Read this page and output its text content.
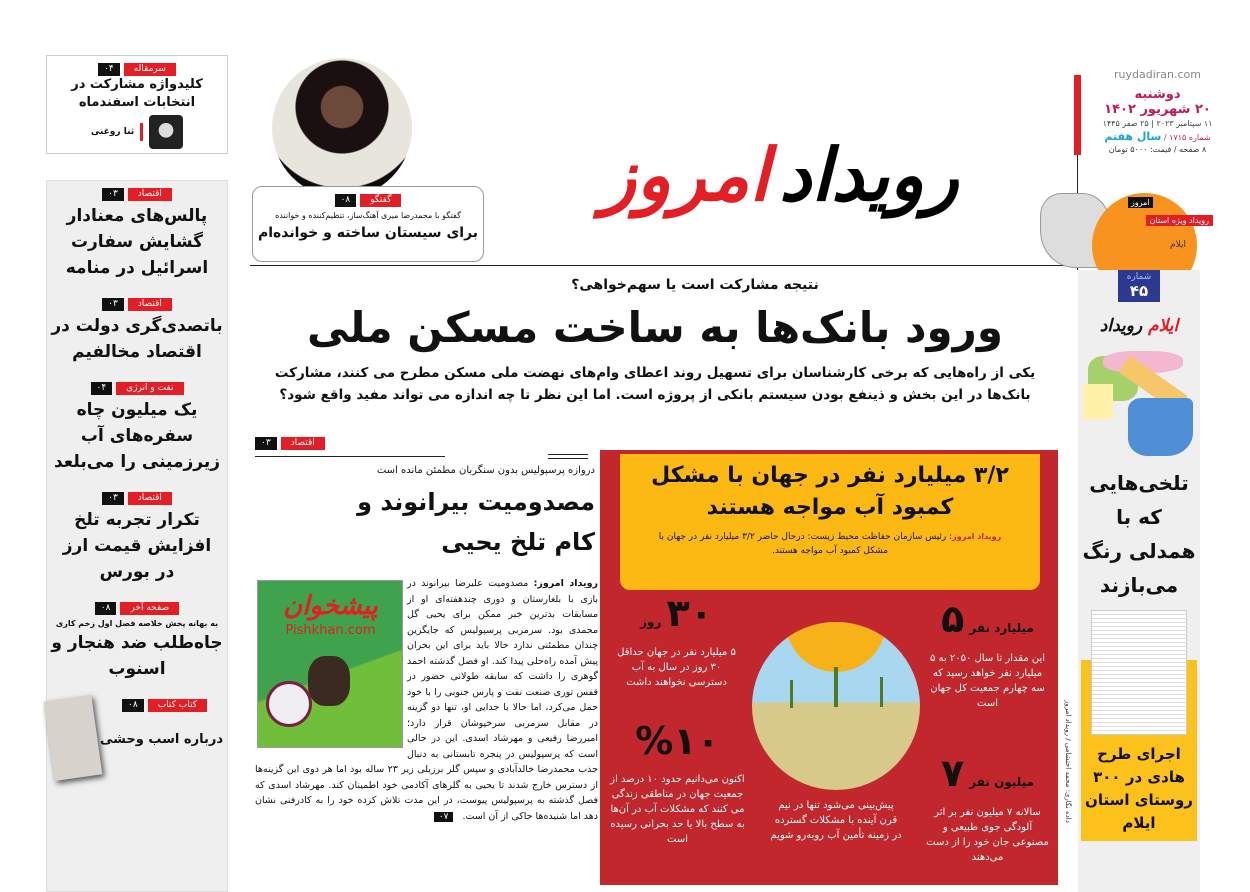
رویداد
امروز
ruydadiran.com
دوشنبه
۲۰ شهریور ۱۴۰۲
۱۱ سپتامبر ۲۰۲۳ | ۲۵ صفر ۱۴۴۵
شماره ۱۷۱۵ / سال هفتم
۸ صفحه / قیمت: ۵۰۰۰ تومان
امروز
رویداد ویژه استان
ایلام
گفتگو
۰۸
گفتگو با محمدرضا میری آهنگ‌ساز، تنظیم‌کننده و خواننده
برای سیستان ساخته و خوانده‌ام
سرمقاله
۰۴
کلیدواژه مشارکت در انتخابات اسفندماه
ثنا روغنی
اقتصاد
۰۳
پالس‌های معنادار گشایش سفارت اسرائیل در منامه
اقتصاد
۰۳
باتصدی‌گری دولت در اقتصاد مخالفیم
نفت و انرژی
۰۴
یک میلیون چاه سفره‌های آب زیرزمینی را می‌بلعد
اقتصاد
۰۳
تکرار تجربه تلخ افزایش قیمت ارز در بورس
صفحه آخر
۰۸
به بهانه پخش خلاصه فصل اول زخم کاری
جاه‌طلب ضد هنجار و اسنوب
کتاب کتاب
۰۸
درباره اسب وحشی
نتیجه مشارکت است یا سهم‌خواهی؟
ورود بانک‌ها به ساخت مسکن ملی
یکی از راه‌هایی که برخی کارشناسان برای تسهیل روند اعطای وام‌های نهضت ملی مسکن مطرح می کنند، مشارکت بانک‌ها در این بخش و ذینفع بودن سیستم بانکی از پروژه است. اما این نظر تا چه اندازه می تواند مفید واقع شود؟
اقتصاد
۰۳
دروازه پرسپولیس بدون سنگربان مطمئن مانده است
مصدومیت بیرانوند و کام تلخ یحیی
پیشخوان
Pishkhan.com
رویداد امروز: مصدومیت علیرضا بیرانوند در بازی با بلغارستان و دوری چندهفته‌ای او از مسابقات بدترین خبر ممکن برای یحیی گل محمدی بود. سرمربی پرسپولیس که جایگزین چندان مطمئنی ندارد حالا باید برای این بحران پیش آمده راه‌حلی پیدا کند. او فصل گذشته احمد گوهری را داشت که سابقه طولانی حضور در قفس توری صنعت نفت و پارس جنوبی را با خود حمل می‌کرد، اما حالا با جدایی او، تنها دو گزینه در مقابل سرمربی سرخپوشان قرار دارد؛ امیررضا رفیعی و مهرشاد اسدی. این در حالی است که پرسپولیس در پنجره تابستانی به دنبال جذب محمدرضا خالدآبادی و سپس گلر برزیلی زیر ۲۳ ساله بود اما هر دوی این گزینه‌ها از دسترس خارج شدند تا یحیی به گلرهای آکادمی خود اطمینان کند. مهرشاد اسدی که فصل گذشته به پرسپولیس پیوست، در این مدت تلاش کرده خود را به کادرفنی نشان دهد اما شنیده‌ها حاکی از آن است. ۰۷
۳/۲ میلیارد نفر در جهان با مشکل کمبود آب مواجه هستند
رویداد امروز: رئیس سازمان حفاظت محیط زیست: درحال حاضر ۳/۲ میلیارد نفر در جهان با مشکل کمبود آب مواجه هستند.
میلیارد نفر ۵
این مقدار تا سال ۲۰۵۰ به ۵ میلیارد نفر خواهد رسید که سه چهارم جمعیت کل جهان است
۳۰ روز
۵ میلیارد نفر در جهان حداقل ۳۰ روز در سال به آب دسترسی نخواهند داشت
میلیون نفر ۷
سالانه ۷ میلیون نفر بر اثر آلودگی جوی طبیعی و مصنوعی جان خود را از دست می‌دهند
%۱۰
اکنون می‌دانیم حدود ۱۰ درصد از جمعیت جهان در مناطقی زندگی می کنند که مشکلات آب در آن‌ها به سطح بالا یا حد بحرانی رسیده است
پیش‌بینی می‌شود تنها در نیم قرن آینده با مشکلات گسترده در زمینه تأمین آب روبه‌رو شویم
داده نگاری: محمد احتشامی / رویداد امروز
شماره
۴۵
ایلام رویداد
تلخی‌هایی که با همدلی رنگ می‌بازند
اجرای طرح هادی در ۳۰۰ روستای استان ایلام
